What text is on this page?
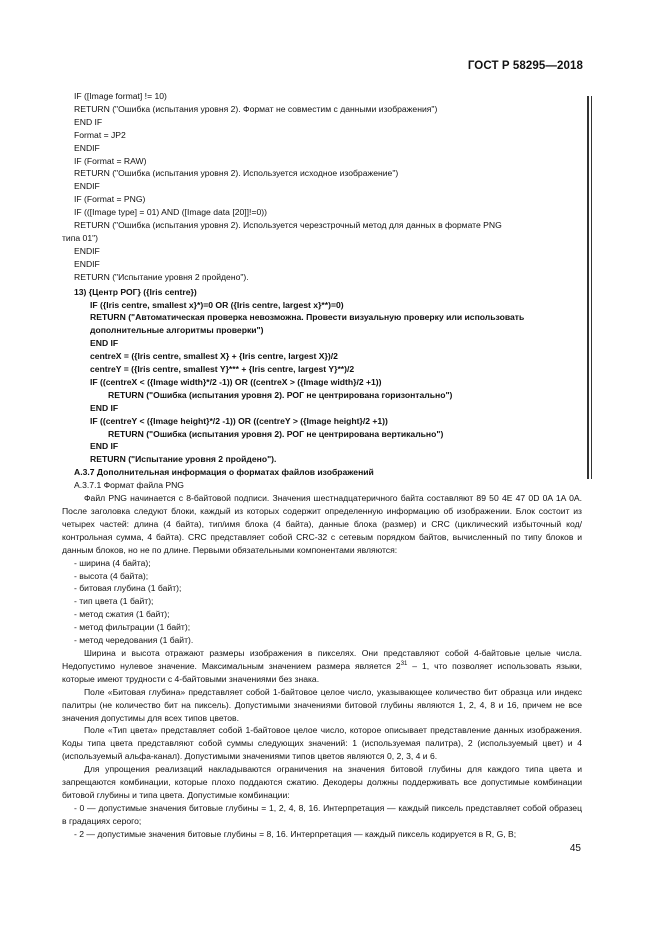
ГОСТ Р 58295—2018
IF ([Image format] != 10)
RETURN ("Ошибка (испытания уровня 2). Формат не совместим с данными изображения")
END IF
Format = JP2
ENDIF
IF (Format = RAW)
RETURN ("Ошибка (испытания уровня 2). Используется исходное изображение")
ENDIF
IF (Format = PNG)
IF (([Image type] = 01) AND ([Image data [20]]!=0))
RETURN ("Ошибка (испытания уровня 2). Используется черезстрочный метод для данных в формате PNG
типа 01")
ENDIF
ENDIF
RETURN ("Испытание уровня 2 пройдено").
13) {Центр РОГ} ({Iris centre})
IF ({Iris centre, smallest x}*)=0 OR ({Iris centre, largest x}**)=0)
RETURN ("Автоматическая проверка невозможна. Провести визуальную проверку или использовать
дополнительные алгоритмы проверки")
END IF
centreX = ({Iris centre, smallest X} + {Iris centre, largest X})/2
centreY = ({Iris centre, smallest Y}*** + {Iris centre, largest Y}**)/2
IF ((centreX < ({Image width}*/2 -1)) OR ((centreX > ({Image width}/2 +1))
RETURN ("Ошибка (испытания уровня 2). РОГ не центрирована горизонтально")
END IF
IF ((centreY < ({Image height}*/2 -1)) OR ((centreY > ({Image height}/2 +1))
RETURN ("Ошибка (испытания уровня 2). РОГ не центрирована вертикально")
END IF
RETURN ("Испытание уровня 2 пройдено").
А.3.7 Дополнительная информация о форматах файлов изображений
А.3.7.1 Формат файла PNG
Файл PNG начинается с 8-байтовой подписи. Значения шестнадцатеричного байта составляют 89 50 4E 47 0D 0A 1A 0A. После заголовка следуют блоки, каждый из которых содержит определенную информацию об изображении. Блок состоит из четырех частей: длина (4 байта), тип/имя блока (4 байта), данные блока (размер) и CRC (циклический избыточный код/контрольная сумма, 4 байта). CRC представляет собой CRC-32 с сетевым порядком байтов, вычисленный по типу блоков и данным блоков, но не по длине. Первыми обязательными компонентами являются:
- ширина (4 байта);
- высота (4 байта);
- битовая глубина (1 байт);
- тип цвета (1 байт);
- метод сжатия (1 байт);
- метод фильтрации (1 байт);
- метод чередования (1 байт).
Ширина и высота отражают размеры изображения в пикселях. Они представляют собой 4-байтовые целые числа. Недопустимо нулевое значение. Максимальным значением размера является $2^{31} - 1$, что позволяет использовать языки, которые имеют трудности с 4-байтовыми значениями без знака.
Поле «Битовая глубина» представляет собой 1-байтовое целое число, указывающее количество бит образца или индекс палитры (не количество бит на пиксель). Допустимыми значениями битовой глубины являются 1, 2, 4, 8 и 16, причем не все значения допустимы для всех типов цветов.
Поле «Тип цвета» представляет собой 1-байтовое целое число, которое описывает представление данных изображения. Коды типа цвета представляют собой суммы следующих значений: 1 (используемая палитра), 2 (используемый цвет) и 4 (используемый альфа-канал). Допустимыми значениями типов цветов являются 0, 2, 3, 4 и 6.
Для упрощения реализаций накладываются ограничения на значения битовой глубины для каждого типа цвета и запрещаются комбинации, которые плохо поддаются сжатию. Декодеры должны поддерживать все допустимые комбинации битовой глубины и типа цвета. Допустимые комбинации:
- 0 — допустимые значения битовые глубины = 1, 2, 4, 8, 16. Интерпретация — каждый пиксель представляет собой образец в градациях серого;
- 2 — допустимые значения битовые глубины = 8, 16. Интерпретация — каждый пиксель кодируется в R, G, B;
45
